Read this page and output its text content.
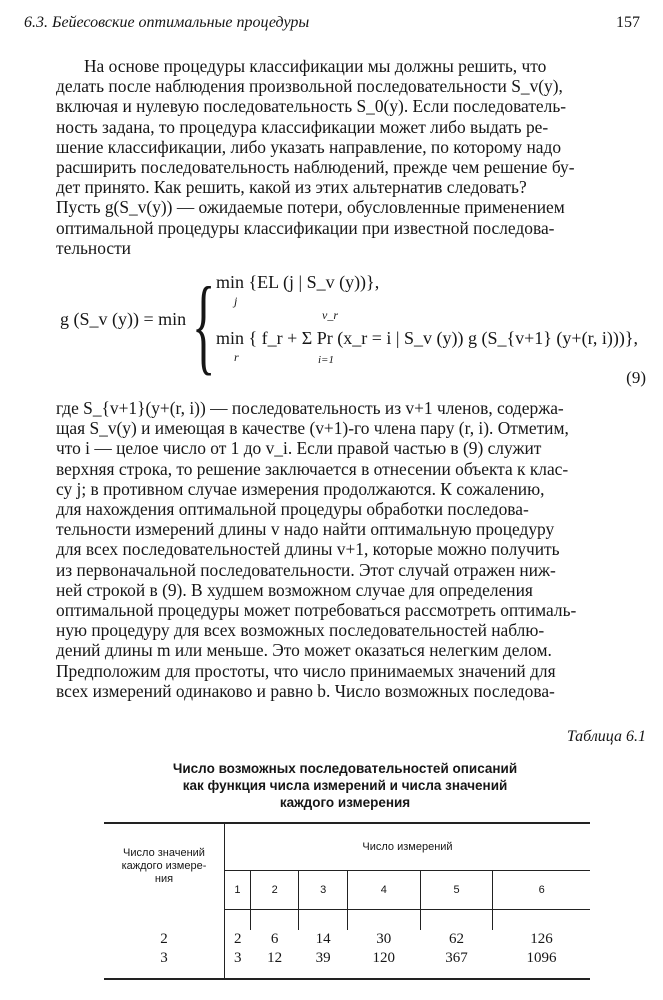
6.3. Бейесовские оптимальные процедуры	157
На основе процедуры классификации мы должны решить, что
делать после наблюдения произвольной последовательности S_v(y),
включая и нулевую последовательность S_0(y). Если последователь-
ность задана, то процедура классификации может либо выдать ре-
шение классификации, либо указать направление, по которому надо
расширить последовательность наблюдений, прежде чем решение бу-
дет принято. Как решить, какой из этих альтернатив следовать?
Пусть g(S_v(y)) — ожидаемые потери, обусловленные применением
оптимальной процедуры классификации при известной последова-
тельности
g (S_v (y)) = min { min {EL (j | S_v (y))},
j
min { f_r + Σ Pr (x_r = i | S_v (y)) g (S_{v+1} (y+(r, i)))},
r
v_r
i=1
(9)
где S_{v+1}(y+(r, i)) — последовательность из v+1 членов, содержа-
щая S_v(y) и имеющая в качестве (v+1)-го члена пару (r, i). Отметим,
что i — целое число от 1 до v_i. Если правой частью в (9) служит
верхняя строка, то решение заключается в отнесении объекта к клас-
су j; в противном случае измерения продолжаются. К сожалению,
для нахождения оптимальной процедуры обработки последова-
тельности измерений длины v надо найти оптимальную процедуру
для всех последовательностей длины v+1, которые можно получить
из первоначальной последовательности. Этот случай отражен ниж-
ней строкой в (9). В худшем возможном случае для определения
оптимальной процедуры может потребоваться рассмотреть оптималь-
ную процедуру для всех возможных последовательностей наблю-
дений длины m или меньше. Это может оказаться нелегким делом.
Предположим для простоты, что число принимаемых значений для
всех измерений одинаково и равно b. Число возможных последова-
Таблица 6.1
Число возможных последовательностей описаний
как функция числа измерений и числа значений
каждого измерения
Число значений
каждого измере-
ния	Число измерений					
	1	2	3	4	5	6

2	2	6	14	30	62	126
3	3	12	39	120	367	1096
